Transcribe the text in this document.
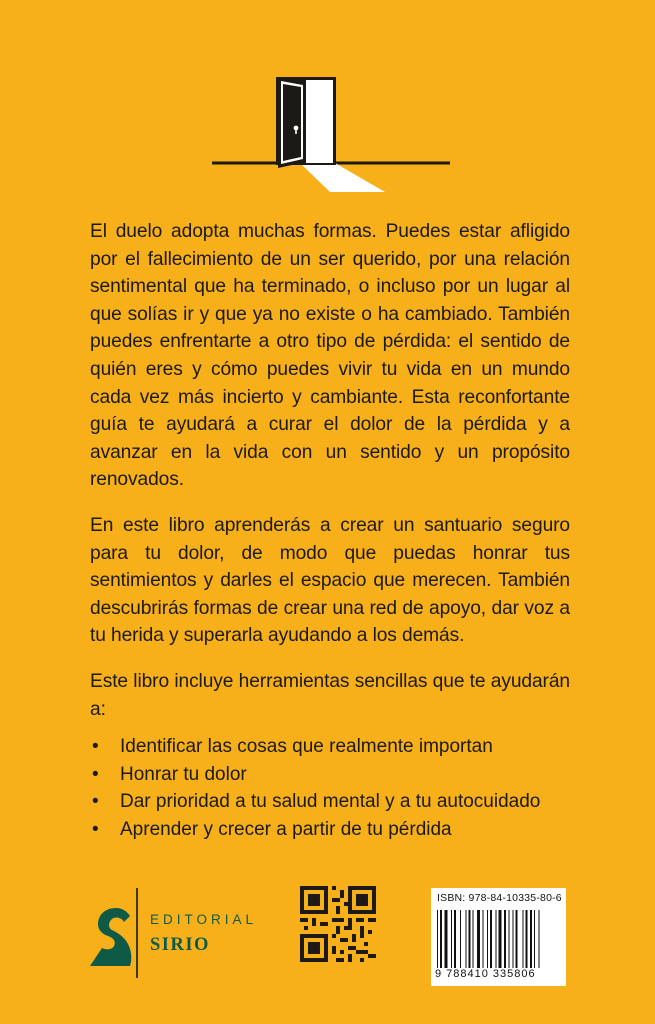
El duelo adopta muchas formas. Puedes estar afligido por el fallecimiento de un ser querido, por una relación sentimental que ha terminado, o incluso por un lugar al que solías ir y que ya no existe o ha cambiado. También puedes enfrentarte a otro tipo de pérdida: el sentido de quién eres y cómo puedes vivir tu vida en un mundo cada vez más incierto y cambiante. Esta reconfortante guía te ayudará a curar el dolor de la pérdida y a avanzar en la vida con un sentido y un propósito renovados.

En este libro aprenderás a crear un santuario seguro para tu dolor, de modo que puedas honrar tus sentimientos y darles el espacio que merecen. También descubrirás formas de crear una red de apoyo, dar voz a tu herida y superarla ayudando a los demás.

Este libro incluye herramientas sencillas que te ayudarán a:

• Identificar las cosas que realmente importan
• Honrar tu dolor
• Dar prioridad a tu salud mental y a tu autocuidado
• Aprender y crecer a partir de tu pérdida
EDITORIAL
SIRIO
ISBN: 978-84-10335-80-6
9 788410 335806
